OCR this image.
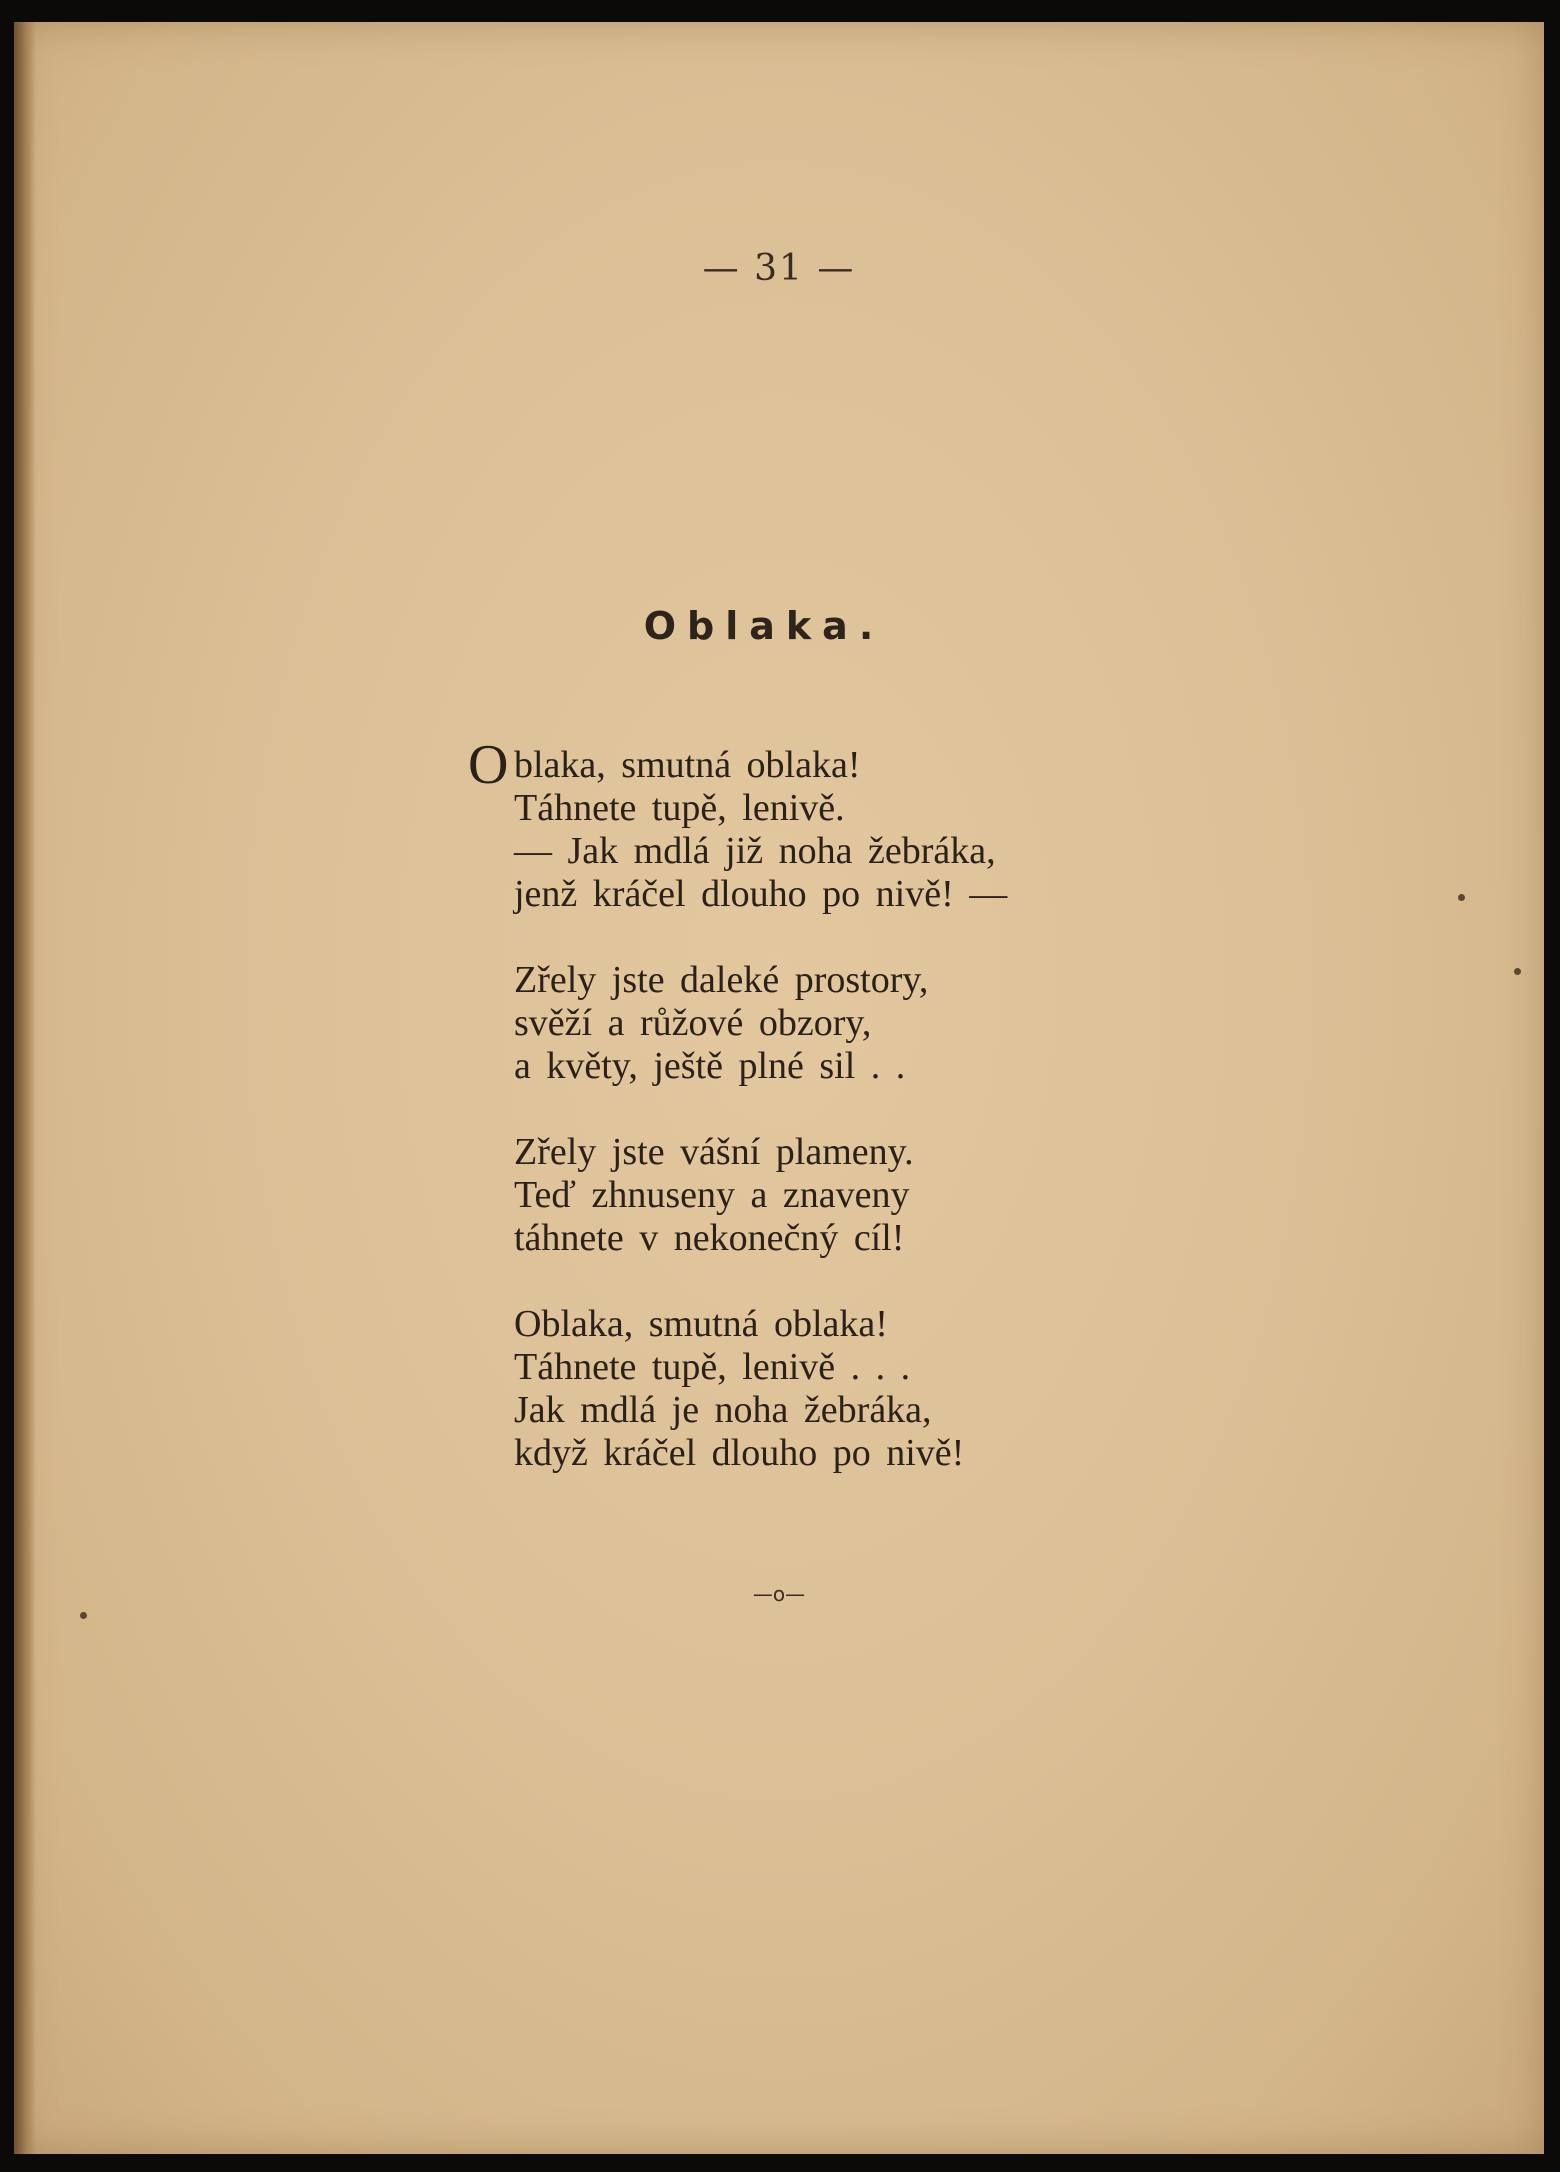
— 31 —
Oblaka.
O blaka, smutná oblaka!
Táhnete tupě, lenivě.
— Jak mdlá již noha žebráka,
jenž kráčel dlouho po nivě! —
Zřely jste daleké prostory,
svěží a růžové obzory,
a květy, ještě plné sil . .
Zřely jste vášní plameny.
Teď zhnuseny a znaveny
táhnete v nekonečný cíl!
Oblaka, smutná oblaka!
Táhnete tupě, lenivě . . .
Jak mdlá je noha žebráka,
když kráčel dlouho po nivě!
—o—
